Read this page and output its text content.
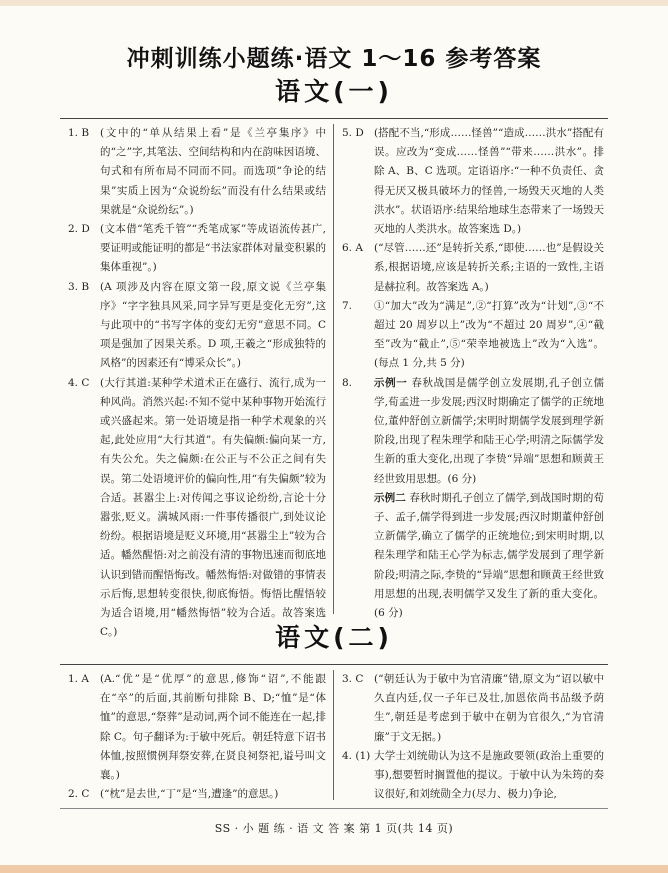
冲刺训练小题练·语文 1～16 参考答案
语文(一)
1. B	(文中的“单从结果上看”是《兰亭集序》中的“之”字,其笔法、空间结构和内在韵味因语境、句式和有所布局不同而不同。而选项“争论的结果”实质上因为“众说纷纭”而没有什么结果或结果就是“众说纷纭”。)
2. D (文本借“笔秃千管”“秃笔成冢”等成语流传甚广,要证明或能证明的都是“书法家群体对量变积累的集体重视”。)
3. B	(A 项涉及内容在原文第一段,原文说《兰亭集序》“字字独具风采,同字异写更是变化无穷”,这与此项中的“书写字体的变幻无穷”意思不同。C 项是强加了因果关系。D 项,王羲之“形成独特的风格”的因素还有“博采众长”。)
4. C	(大行其道:某种学术道术正在盛行、流行,成为一种风尚。消然兴起:不知不觉中某种事物开始流行或兴盛起来。第一处语境是指一种学术观象的兴起,此处应用“大行其道”。有失偏颇:偏向某一方,有失公允。失之偏颇:在公正与不公正之间有失误。第二处语境评价的偏向性,用“有失偏颇”较为合适。甚嚣尘上:对传闻之事议论纷纷,言论十分嚣张,贬义。满城风雨:一件事传播很广,到处议论纷纷。根据语境是贬义环境,用“甚嚣尘上”较为合适。幡然醒悟:对之前没有清的事物迅速而彻底地认识到错而醒悟悔改。幡然悔悟:对做错的事情表示后悔,思想转变很快,彻底悔悟。悔悟比醒悟较为适合语境,用“幡然悔悟”较为合适。故答案选 C。)
5. D (搭配不当,“形成……怪兽”“造成……洪水”搭配有误。应改为“变成……怪兽”“带来……洪水”。排除 A、B、C 选项。定语语序:“一种不负责任、贪得无厌又极具破坏力的怪兽,一场毁天灭地的人类洪水”。状语语序:结果给地球生态带来了一场毁天灭地的人类洪水。故答案选 D。)
6. A	(“尽管……还”是转折关系,“即使……也”是假设关系,根据语境,应该是转折关系;主语的一致性,主语是赫拉利。故答案选 A。)
7.	①“加大”改为“满足”,②“打算”改为“计划”,③“不超过 20 周岁以上”改为“不超过 20 周岁”,④“截至”改为“截止”,⑤“荣幸地被选上”改为“入选”。(每点 1 分,共 5 分)
8.	示例一 春秋战国是儒学创立发展期,孔子创立儒学,荀孟进一步发展;西汉时期确定了儒学的正统地位,董仲舒创立新儒学;宋明时期儒学发展到理学新阶段,出现了程朱理学和陆王心学;明清之际儒学发生新的重大变化,出现了李贽“异端”思想和顾黄王经世致用思想。(6 分)
示例二 春秋时期孔子创立了儒学,到战国时期的荀子、孟子,儒学得到进一步发展;西汉时期董仲舒创立新儒学,确立了儒学的正统地位;到宋明时期,以程朱理学和陆王心学为标志,儒学发展到了理学新阶段;明清之际,李贽的“异端”思想和顾黄王经世致用思想的出现,表明儒学又发生了新的重大变化。(6 分)
语文(二)
1. A	(A.“优”是“优厚”的意思,修饰“诏”,不能跟在“卒”的后面,其前断句排除 B、D;“恤”是“体恤”的意思,“祭葬”是动词,两个词不能连在一起,排除 C。句子翻译为:于敏中死后。朝廷特意下诏书体恤,按照惯例拜祭安葬,在贤良祠祭祀,谥号叫文襄。)
2. C	(“枕”是去世,“丁”是“当,遭逢”的意思。)
3. C	(“朝廷认为于敏中为官清廉”错,原文为“诏以敏中久直内廷,仅一子年已及壮,加恩依尚书品级予荫生”,朝廷是考虑到于敏中在朝为官很久,“为官清廉”于文无据。)
4. (1) 大学士刘统勋认为这不是施政要领(政治上重要的事),想要暂时搁置他的提议。于敏中认为朱筠的奏议很好,和刘统勋全力(尽力、极力)争论,
SS · 小 题 练 · 语 文 答 案 第 1 页(共 14 页)
